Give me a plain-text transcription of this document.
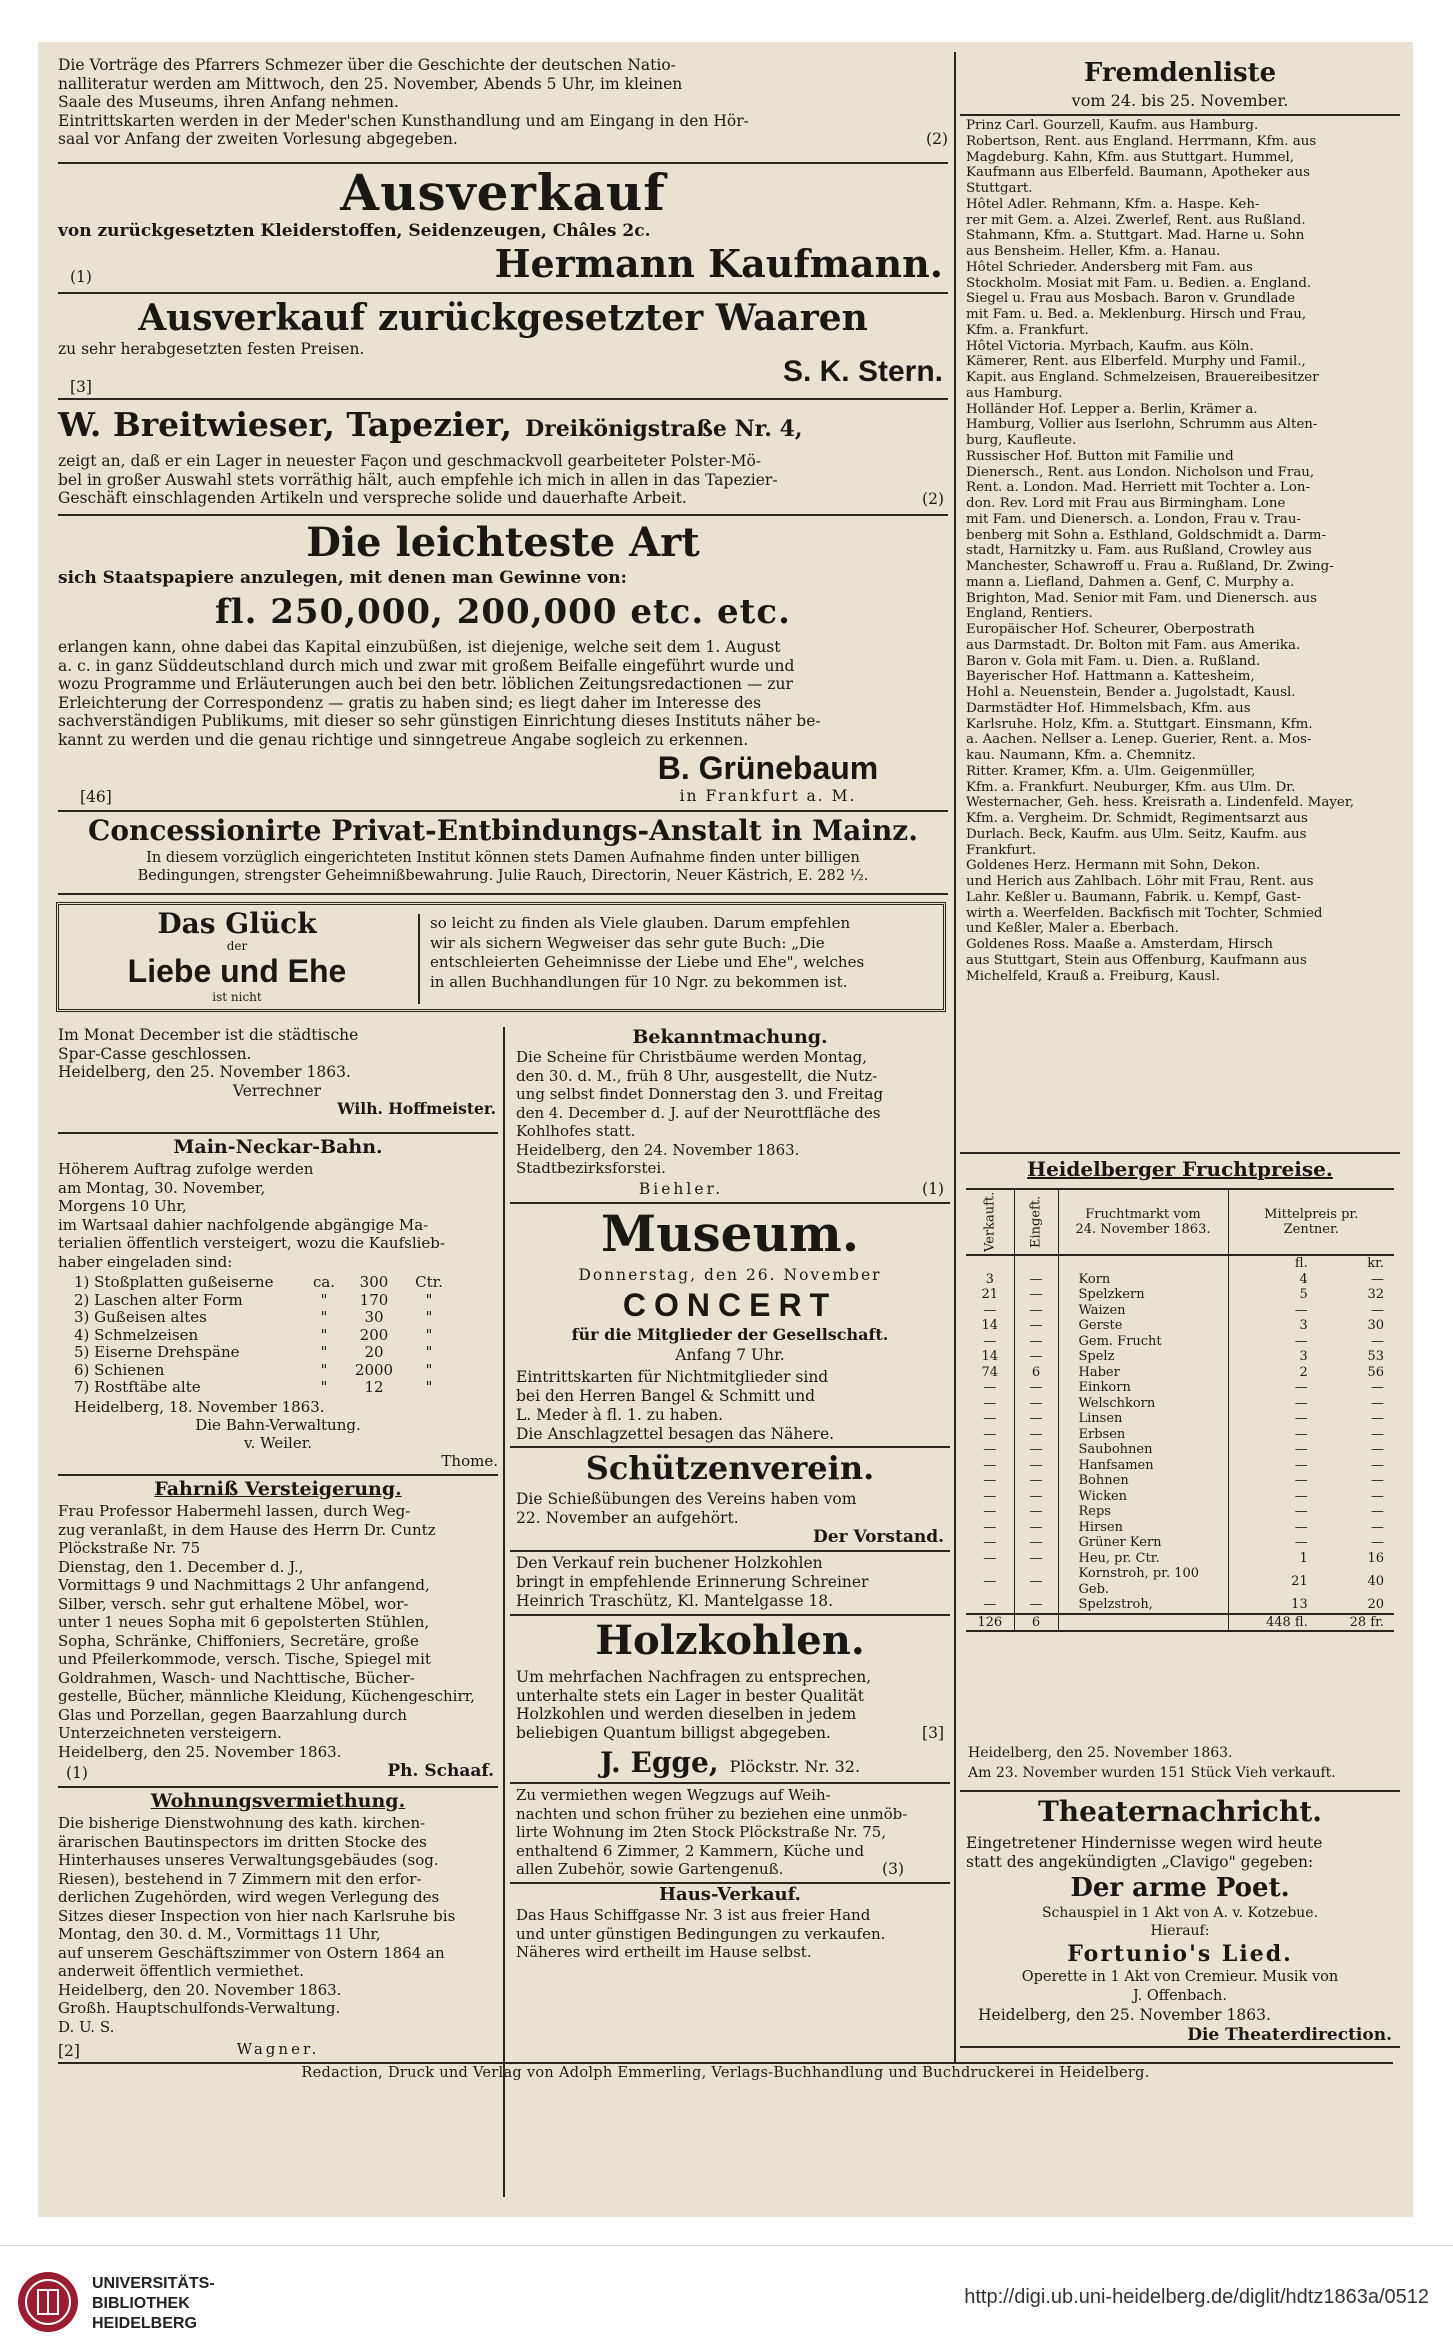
Die Vorträge des Pfarrers Schmezer über die Geschichte der deutschen Natio-
nalliteratur werden am Mittwoch, den 25. November, Abends 5 Uhr, im kleinen
Saale des Museums, ihren Anfang nehmen.
Eintrittskarten werden in der Meder'schen Kunsthandlung und am Eingang in den Hör-
saal vor Anfang der zweiten Vorlesung abgegeben.	(2)
Ausverkauf
von zurückgesetzten Kleiderstoffen, Seidenzeugen, Châles 2c.
(1)	Hermann Kaufmann.
Ausverkauf zurückgesetzter Waaren
zu sehr herabgesetzten festen Preisen.
[3]	S. K. Stern.
W. Breitwieser, Tapezier, Dreikönigstraße Nr. 4,

zeigt an, daß er ein Lager in neuester Façon und geschmackvoll gearbeiteter Polster-Mö-
bel in großer Auswahl stets vorräthig hält, auch empfehle ich mich in allen in das Tapezier-
Geschäft einschlagenden Artikeln und verspreche solide und dauerhafte Arbeit.	(2)
Die leichteste Art
sich Staatspapiere anzulegen, mit denen man Gewinne von:
fl. 250,000, 200,000 etc. etc.

erlangen kann, ohne dabei das Kapital einzubüßen, ist diejenige, welche seit dem 1. August
a. c. in ganz Süddeutschland durch mich und zwar mit großem Beifalle eingeführt wurde und
wozu Programme und Erläuterungen auch bei den betr. löblichen Zeitungsredactionen — zur
Erleichterung der Correspondenz — gratis zu haben sind; es liegt daher im Interesse des
sachverständigen Publikums, mit dieser so sehr günstigen Einrichtung dieses Instituts näher be-
kannt zu werden und die genau richtige und sinngetreue Angabe sogleich zu erkennen.

B. Grünebaum
in Frankfurt a. M.
[46]
Concessionirte Privat-Entbindungs-Anstalt in Mainz.

In diesem vorzüglich eingerichteten Institut können stets Damen Aufnahme finden unter billigen
Bedingungen, strengster Geheimnißbewahrung. Julie Rauch, Directorin, Neuer Kästrich, E. 282 ½.

Das Glück
der
Liebe und Ehe
ist nicht

so leicht zu finden als Viele glauben. Darum empfehlen
wir als sichern Wegweiser das sehr gute Buch: „Die
entschleierten Geheimnisse der Liebe und Ehe", welches
in allen Buchhandlungen für 10 Ngr. zu bekommen ist.

Im Monat December ist die städtische
Spar-Casse geschlossen.
Heidelberg, den 25. November 1863.

Verrechner
Wilh. Hoffmeister.
Main-Neckar-Bahn.

Höherem Auftrag zufolge werden
am Montag, 30. November,
Morgens 10 Uhr,
im Wartsaal dahier nachfolgende abgängige Ma-
terialien öffentlich versteigert, wozu die Kaufslieb-
haber eingeladen sind:

1) Stoßplatten gußeiserne	ca.	300	Ctr.
2) Laschen alter Form	"	170	"
3) Gußeisen altes	"	30	"
4) Schmelzeisen	"	200	"
5) Eiserne Drehspäne	"	20	"
6) Schienen	"	2000	"
7) Rostftäbe alte	"	12	"
Heidelberg, 18. November 1863.
Die Bahn-Verwaltung.
v. Weiler.
Thome.
Fahrniß Versteigerung.

Frau Professor Habermehl lassen, durch Weg-
zug veranlaßt, in dem Hause des Herrn Dr. Cuntz
Plöckstraße Nr. 75
Dienstag, den 1. December d. J.,
Vormittags 9 und Nachmittags 2 Uhr anfangend,
Silber, versch. sehr gut erhaltene Möbel, wor-
unter 1 neues Sopha mit 6 gepolsterten Stühlen,
Sopha, Schränke, Chiffoniers, Secretäre, große
und Pfeilerkommode, versch. Tische, Spiegel mit
Goldrahmen, Wasch- und Nachttische, Bücher-
gestelle, Bücher, männliche Kleidung, Küchengeschirr,
Glas und Porzellan, gegen Baarzahlung durch
Unterzeichneten versteigern.
Heidelberg, den 25. November 1863.

(1)	Ph. Schaaf.
Wohnungsvermiethung.

Die bisherige Dienstwohnung des kath. kirchen-
ärarischen Bautinspectors im dritten Stocke des
Hinterhauses unseres Verwaltungsgebäudes (sog.
Riesen), bestehend in 7 Zimmern mit den erfor-
derlichen Zugehörden, wird wegen Verlegung des
Sitzes dieser Inspection von hier nach Karlsruhe bis
Montag, den 30. d. M., Vormittags 11 Uhr,
auf unserem Geschäftszimmer von Ostern 1864 an
anderweit öffentlich vermiethet.
Heidelberg, den 20. November 1863.
Großh. Hauptschulfonds-Verwaltung.
D. U. S.

[2]	Wagner.
Bekanntmachung.

Die Scheine für Christbäume werden Montag,
den 30. d. M., früh 8 Uhr, ausgestellt, die Nutz-
ung selbst findet Donnerstag den 3. und Freitag
den 4. December d. J. auf der Neurottfläche des
Kohlhofes statt.
Heidelberg, den 24. November 1863.
Stadtbezirksforstei.

Biehler.	(1)
Museum.
Donnerstag, den 26. November
CONCERT
für die Mitglieder der Gesellschaft.
Anfang 7 Uhr.

Eintrittskarten für Nichtmitglieder sind
bei den Herren Bangel & Schmitt und
L. Meder à fl. 1. zu haben.
Die Anschlagzettel besagen das Nähere.

Schützenverein.

Die Schießübungen des Vereins haben vom
22. November an aufgehört.

Der Vorstand.

Den Verkauf rein buchener Holzkohlen
bringt in empfehlende Erinnerung Schreiner
Heinrich Traschütz, Kl. Mantelgasse 18.

Holzkohlen.

Um mehrfachen Nachfragen zu entsprechen,
unterhalte stets ein Lager in bester Qualität
Holzkohlen und werden dieselben in jedem
beliebigen Quantum billigst abgegeben.	[3]
J. Egge, Plöckstr. Nr. 32.

Zu vermiethen wegen Wegzugs auf Weih-
nachten und schon früher zu beziehen eine unmöb-
lirte Wohnung im 2ten Stock Plöckstraße Nr. 75,
enthaltend 6 Zimmer, 2 Kammern, Küche und
allen Zubehör, sowie Gartengenuß.	(3)
Haus-Verkauf.

Das Haus Schiffgasse Nr. 3 ist aus freier Hand
und unter günstigen Bedingungen zu verkaufen.
Näheres wird ertheilt im Hause selbst.

Redaction, Druck und Verlag von Adolph Emmerling, Verlags-Buchhandlung und Buchdruckerei in Heidelberg.
Fremdenliste
vom 24. bis 25. November.

Prinz Carl. Gourzell, Kaufm. aus Hamburg.
Robertson, Rent. aus England. Herrmann, Kfm. aus
Magdeburg. Kahn, Kfm. aus Stuttgart. Hummel,
Kaufmann aus Elberfeld. Baumann, Apotheker aus
Stuttgart.
Hôtel Adler. Rehmann, Kfm. a. Haspe. Keh-
rer mit Gem. a. Alzei. Zwerlef, Rent. aus Rußland.
Stahmann, Kfm. a. Stuttgart. Mad. Harne u. Sohn
aus Bensheim. Heller, Kfm. a. Hanau.
Hôtel Schrieder. Andersberg mit Fam. aus
Stockholm. Mosiat mit Fam. u. Bedien. a. England.
Siegel u. Frau aus Mosbach. Baron v. Grundlade
mit Fam. u. Bed. a. Meklenburg. Hirsch und Frau,
Kfm. a. Frankfurt.
Hôtel Victoria. Myrbach, Kaufm. aus Köln.
Kämerer, Rent. aus Elberfeld. Murphy und Famil.,
Kapit. aus England. Schmelzeisen, Brauereibesitzer
aus Hamburg.
Holländer Hof. Lepper a. Berlin, Krämer a.
Hamburg, Vollier aus Iserlohn, Schrumm aus Alten-
burg, Kaufleute.
Russischer Hof. Button mit Familie und
Dienersch., Rent. aus London. Nicholson und Frau,
Rent. a. London. Mad. Herriett mit Tochter a. Lon-
don. Rev. Lord mit Frau aus Birmingham. Lone
mit Fam. und Dienersch. a. London, Frau v. Trau-
benberg mit Sohn a. Esthland, Goldschmidt a. Darm-
stadt, Harnitzky u. Fam. aus Rußland, Crowley aus
Manchester, Schawroff u. Frau a. Rußland, Dr. Zwing-
mann a. Liefland, Dahmen a. Genf, C. Murphy a.
Brighton, Mad. Senior mit Fam. und Dienersch. aus
England, Rentiers.
Europäischer Hof. Scheurer, Oberpostrath
aus Darmstadt. Dr. Bolton mit Fam. aus Amerika.
Baron v. Gola mit Fam. u. Dien. a. Rußland.
Bayerischer Hof. Hattmann a. Kattesheim,
Hohl a. Neuenstein, Bender a. Jugolstadt, Kausl.
Darmstädter Hof. Himmelsbach, Kfm. aus
Karlsruhe. Holz, Kfm. a. Stuttgart. Einsmann, Kfm.
a. Aachen. Nellser a. Lenep. Guerier, Rent. a. Mos-
kau. Naumann, Kfm. a. Chemnitz.
Ritter. Kramer, Kfm. a. Ulm. Geigenmüller,
Kfm. a. Frankfurt. Neuburger, Kfm. aus Ulm. Dr.
Westernacher, Geh. hess. Kreisrath a. Lindenfeld. Mayer,
Kfm. a. Vergheim. Dr. Schmidt, Regimentsarzt aus
Durlach. Beck, Kaufm. aus Ulm. Seitz, Kaufm. aus
Frankfurt.
Goldenes Herz. Hermann mit Sohn, Dekon.
und Herich aus Zahlbach. Löhr mit Frau, Rent. aus
Lahr. Keßler u. Baumann, Fabrik. u. Kempf, Gast-
wirth a. Weerfelden. Backfisch mit Tochter, Schmied
und Keßler, Maler a. Eberbach.
Goldenes Ross. Maaße a. Amsterdam, Hirsch
aus Stuttgart, Stein aus Offenburg, Kaufmann aus
Michelfeld, Krauß a. Freiburg, Kausl.

Heidelberger Fruchtpreise.
Verkauft.	Eingeft.	Fruchtmarkt vom 24. November 1863.	Mittelpreis pr. Zentner.	
			fl.	kr.
3	—	Korn	4	—
21	—	Spelzkern	5	32
—	—	Waizen	—	—
14	—	Gerste	3	30
—	—	Gem. Frucht	—	—
14	—	Spelz	3	53
74	6	Haber	2	56
—	—	Einkorn	—	—
—	—	Welschkorn	—	—
—	—	Linsen	—	—
—	—	Erbsen	—	—
—	—	Saubohnen	—	—
—	—	Hanfsamen	—	—
—	—	Bohnen	—	—
—	—	Wicken	—	—
—	—	Reps	—	—
—	—	Hirsen	—	—
—	—	Grüner Kern	—	—
—	—	Heu, pr. Ctr.	1	16
—	—	Kornstroh, pr. 100 Geb.	21	40
—	—	Spelzstroh,	13	20
126	6		448 fl.	28 fr.
Heidelberg, den 25. November 1863.
Am 23. November wurden 151 Stück Vieh verkauft.
Theaternachricht.

Eingetretener Hindernisse wegen wird heute
statt des angekündigten „Clavigo" gegeben:

Der arme Poet.
Schauspiel in 1 Akt von A. v. Kotzebue.
Hierauf:
Fortunio's Lied.

Operette in 1 Akt von Cremieur. Musik von
J. Offenbach.

Heidelberg, den 25. November 1863.
Die Theaterdirection.
UNIVERSITÄTS-
BIBLIOTHEK
HEIDELBERG
http://digi.ub.uni-heidelberg.de/diglit/hdtz1863a/0512
